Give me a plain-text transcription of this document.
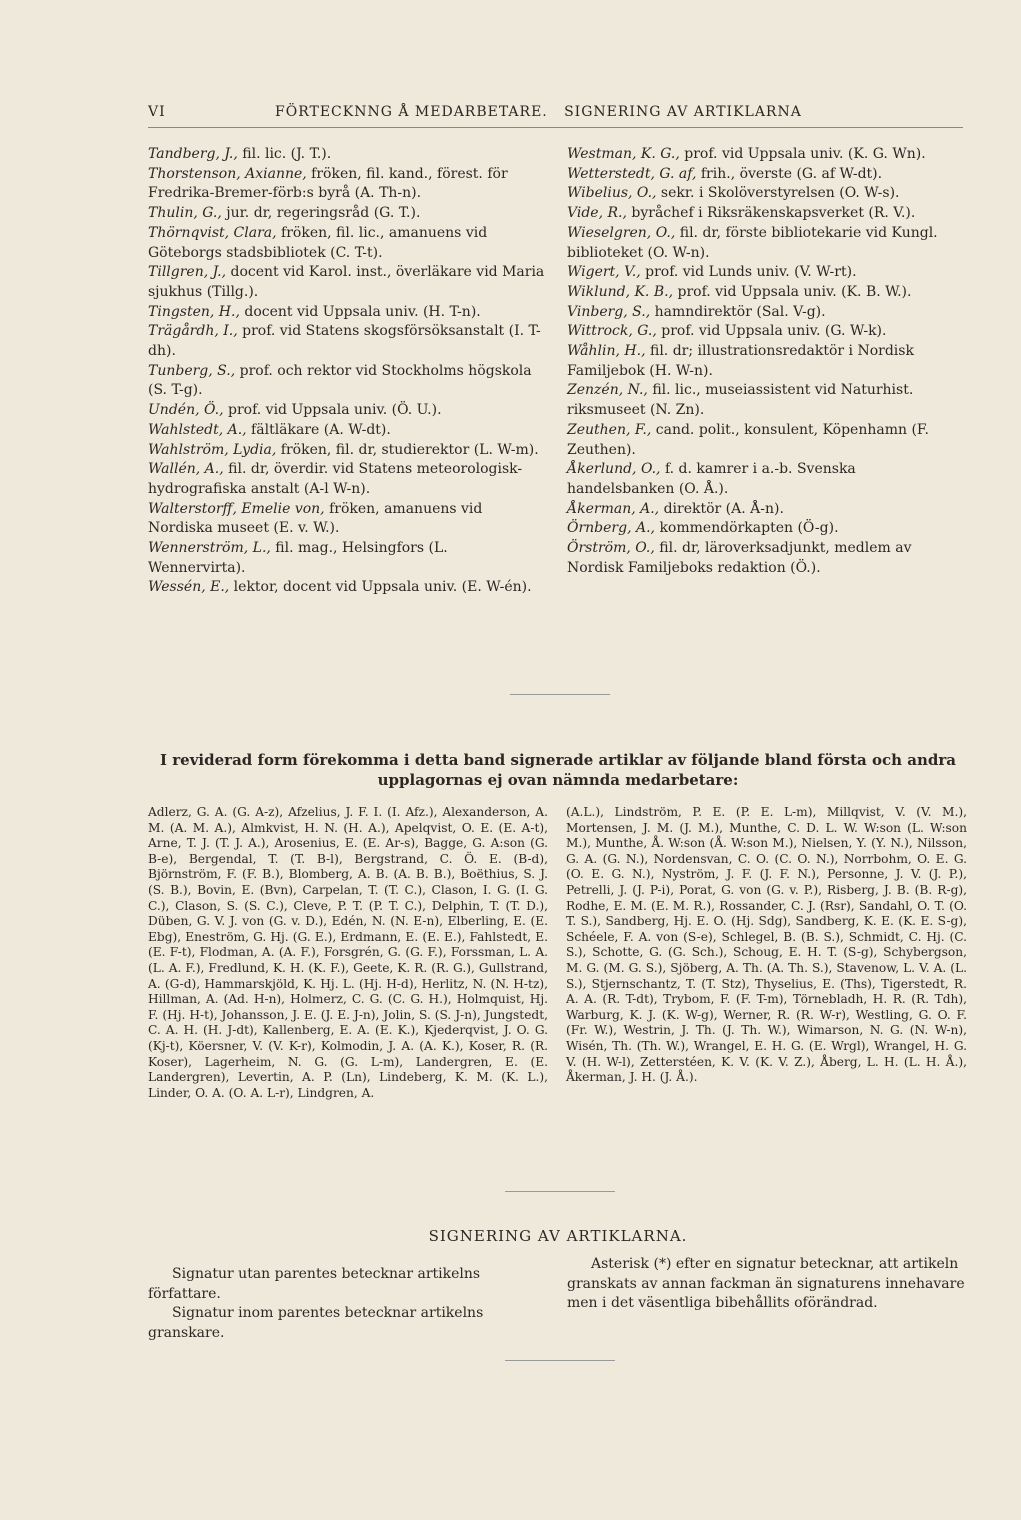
VI	FÖRTECKNNG Å MEDARBETARE.   SIGNERING AV ARTIKLARNA
Tandberg, J., fil. lic. (J. T.).
Thorstenson, Axianne, fröken, fil. kand., förest. för Fredrika-Bremer-förb:s byrå (A. Th-n).
Thulin, G., jur. dr, regeringsråd (G. T.).
Thörnqvist, Clara, fröken, fil. lic., amanuens vid Göteborgs stadsbibliotek (C. T-t).
Tillgren, J., docent vid Karol. inst., överläkare vid Maria sjukhus (Tillg.).
Tingsten, H., docent vid Uppsala univ. (H. T-n).
Trägårdh, I., prof. vid Statens skogsförsöksanstalt (I. T-dh).
Tunberg, S., prof. och rektor vid Stockholms högskola (S. T-g).
Undén, Ö., prof. vid Uppsala univ. (Ö. U.).
Wahlstedt, A., fältläkare (A. W-dt).
Wahlström, Lydia, fröken, fil. dr, studierektor (L. W-m).
Wallén, A., fil. dr, överdir. vid Statens meteorologisk-hydrografiska anstalt (A-l W-n).
Walterstorff, Emelie von, fröken, amanuens vid Nordiska museet (E. v. W.).
Wennerström, L., fil. mag., Helsingfors (L. Wennervirta).
Wessén, E., lektor, docent vid Uppsala univ. (E. W-én).
Westman, K. G., prof. vid Uppsala univ. (K. G. Wn).
Wetterstedt, G. af, frih., överste (G. af W-dt).
Wibelius, O., sekr. i Skolöverstyrelsen (O. W-s).
Vide, R., byråchef i Riksräkenskapsverket (R. V.).
Wieselgren, O., fil. dr, förste bibliotekarie vid Kungl. biblioteket (O. W-n).
Wigert, V., prof. vid Lunds univ. (V. W-rt).
Wiklund, K. B., prof. vid Uppsala univ. (K. B. W.).
Vinberg, S., hamndirektör (Sal. V-g).
Wittrock, G., prof. vid Uppsala univ. (G. W-k).
Wåhlin, H., fil. dr; illustrationsredaktör i Nordisk Familjebok (H. W-n).
Zenzén, N., fil. lic., museiassistent vid Naturhist. riksmuseet (N. Zn).
Zeuthen, F., cand. polit., konsulent, Köpenhamn (F. Zeuthen).
Åkerlund, O., f. d. kamrer i a.-b. Svenska handelsbanken (O. Å.).
Åkerman, A., direktör (A. Å-n).
Örnberg, A., kommendörkapten (Ö-g).
Örström, O., fil. dr, läroverksadjunkt, medlem av Nordisk Familjeboks redaktion (Ö.).
I reviderad form förekomma i detta band signerade artiklar av följande bland första och andra upplagornas ej ovan nämnda medarbetare:
Adlerz, G. A. (G. A-z), Afzelius, J. F. I. (I. Afz.), Alexanderson, A. M. (A. M. A.), Almkvist, H. N. (H. A.), Apelqvist, O. E. (E. A-t), Arne, T. J. (T. J. A.), Arosenius, E. (E. Ar-s), Bagge, G. A:son (G. B-e), Bergendal, T. (T. B-l), Bergstrand, C. Ö. E. (B-d), Björnström, F. (F. B.), Blomberg, A. B. (A. B. B.), Boëthius, S. J. (S. B.), Bovin, E. (Bvn), Carpelan, T. (T. C.), Clason, I. G. (I. G. C.), Clason, S. (S. C.), Cleve, P. T. (P. T. C.), Delphin, T. (T. D.), Düben, G. V. J. von (G. v. D.), Edén, N. (N. E-n), Elberling, E. (E. Ebg), Eneström, G. Hj. (G. E.), Erdmann, E. (E. E.), Fahlstedt, E. (E. F-t), Flodman, A. (A. F.), Forsgrén, G. (G. F.), Forssman, L. A. (L. A. F.), Fredlund, K. H. (K. F.), Geete, K. R. (R. G.), Gullstrand, A. (G-d), Hammarskjöld, K. Hj. L. (Hj. H-d), Herlitz, N. (N. H-tz), Hillman, A. (Ad. H-n), Holmerz, C. G. (C. G. H.), Holmquist, Hj. F. (Hj. H-t), Johansson, J. E. (J. E. J-n), Jolin, S. (S. J-n), Jungstedt, C. A. H. (H. J-dt), Kallenberg, E. A. (E. K.), Kjederqvist, J. O. G. (Kj-t), Köersner, V. (V. K-r), Kolmodin, J. A. (A. K.), Koser, R. (R. Koser), Lagerheim, N. G. (G. L-m), Landergren, E. (E. Landergren), Levertin, A. P. (Ln), Lindeberg, K. M. (K. L.), Linder, O. A. (O. A. L-r), Lindgren, A.
(A.L.), Lindström, P. E. (P. E. L-m), Millqvist, V. (V. M.), Mortensen, J. M. (J. M.), Munthe, C. D. L. W. W:son (L. W:son M.), Munthe, Å. W:son (Å. W:son M.), Nielsen, Y. (Y. N.), Nilsson, G. A. (G. N.), Nordensvan, C. O. (C. O. N.), Norrbohm, O. E. G. (O. E. G. N.), Nyström, J. F. (J. F. N.), Personne, J. V. (J. P.), Petrelli, J. (J. P-i), Porat, G. von (G. v. P.), Risberg, J. B. (B. R-g), Rodhe, E. M. (E. M. R.), Rossander, C. J. (Rsr), Sandahl, O. T. (O. T. S.), Sandberg, Hj. E. O. (Hj. Sdg), Sandberg, K. E. (K. E. S-g), Schéele, F. A. von (S-e), Schlegel, B. (B. S.), Schmidt, C. Hj. (C. S.), Schotte, G. (G. Sch.), Schoug, E. H. T. (S-g), Schybergson, M. G. (M. G. S.), Sjöberg, A. Th. (A. Th. S.), Stavenow, L. V. A. (L. S.), Stjernschantz, T. (T. Stz), Thyselius, E. (Ths), Tigerstedt, R. A. A. (R. T-dt), Trybom, F. (F. T-m), Törnebladh, H. R. (R. Tdh), Warburg, K. J. (K. W-g), Werner, R. (R. W-r), Westling, G. O. F. (Fr. W.), Westrin, J. Th. (J. Th. W.), Wimarson, N. G. (N. W-n), Wisén, Th. (Th. W.), Wrangel, E. H. G. (E. Wrgl), Wrangel, H. G. V. (H. W-l), Zetterstéen, K. V. (K. V. Z.), Åberg, L. H. (L. H. Å.), Åkerman, J. H. (J. Å.).
SIGNERING AV ARTIKLARNA.
Signatur utan parentes betecknar artikelns författare.
Signatur inom parentes betecknar artikelns granskare.
Asterisk (*) efter en signatur betecknar, att artikeln granskats av annan fackman än signaturens innehavare men i det väsentliga bibehållits oförändrad.
